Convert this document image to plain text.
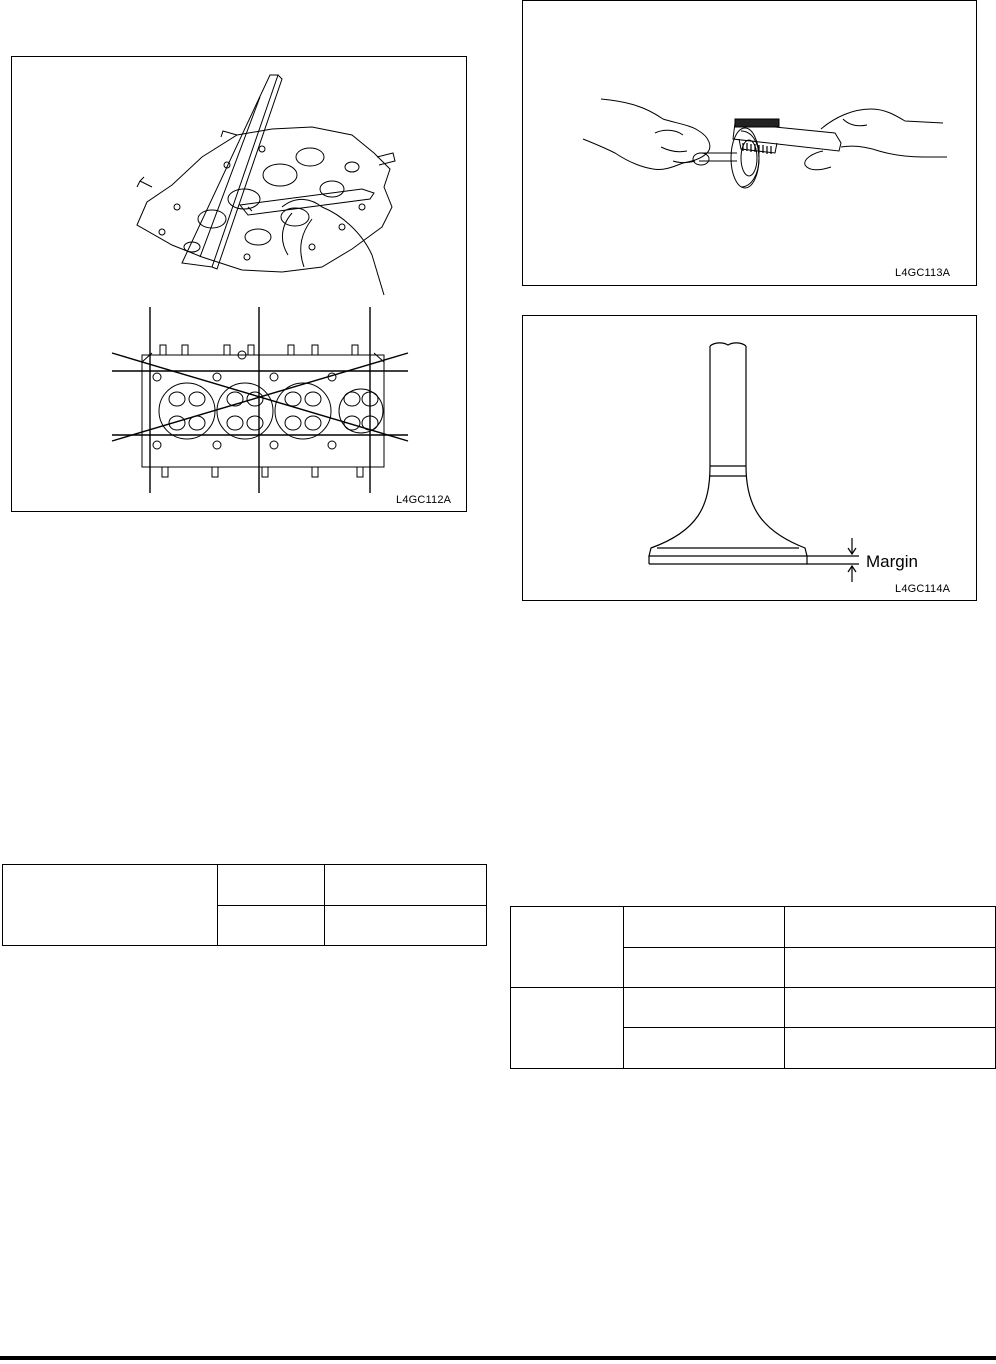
L4GC112A
L4GC113A
Margin
L4GC114A
